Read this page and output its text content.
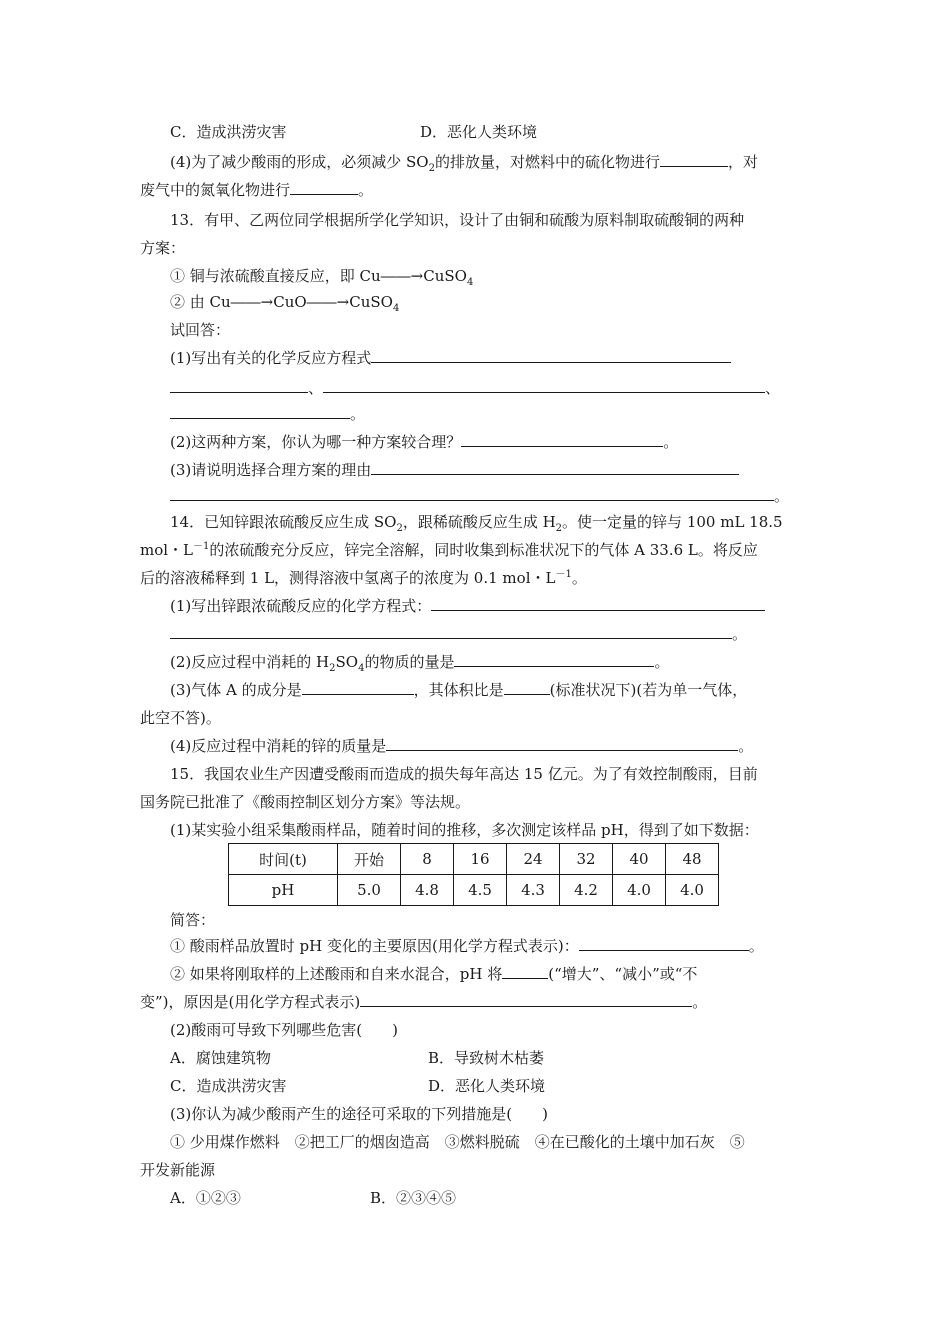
C．造成洪涝灾害	D．恶化人类环境
(4)为了减少酸雨的形成，必须减少 $SO_2$的排放量，对燃料中的硫化物进行	，对
废气中的氮氧化物进行	。
13．有甲、乙两位同学根据所学化学知识，设计了由铜和硫酸为原料制取硫酸铜的两种
方案：
① 铜与浓硫酸直接反应，即 Cu――→CuSO$_4$
② 由 Cu――→CuO――→CuSO$_4$
试回答：
(1)写出有关的化学反应方程式
、	、
。
(2)这两种方案，你认为哪一种方案较合理？	。
(3)请说明选择合理方案的理由
。
14．已知锌跟浓硫酸反应生成 $SO_2$，跟稀硫酸反应生成 $H_2$。使一定量的锌与 100 mL 18.5
mol・$L^{-1}$的浓硫酸充分反应，锌完全溶解，同时收集到标准状况下的气体 A 33.6 L。将反应
后的溶液稀释到 1 L，测得溶液中氢离子的浓度为 0.1 mol・$L^{-1}$。
(1)写出锌跟浓硫酸反应的化学方程式：
。
(2)反应过程中消耗的 $H_2SO_4$的物质的量是	。
(3)气体 A 的成分是	，其体积比是	(标准状况下)(若为单一气体，
此空不答)。
(4)反应过程中消耗的锌的质量是	。
15．我国农业生产因遭受酸雨而造成的损失每年高达 15 亿元。为了有效控制酸雨，目前
国务院已批准了《酸雨控制区划分方案》等法规。
(1)某实验小组采集酸雨样品，随着时间的推移，多次测定该样品 pH，得到了如下数据：
时间(t)	开始	8	16	24	32	40	48
pH	5.0	4.8	4.5	4.3	4.2	4.0	4.0
简答：
① 酸雨样品放置时 pH 变化的主要原因(用化学方程式表示)：	。
② 如果将刚取样的上述酸雨和自来水混合，pH 将	(“增大”、“减小”或“不
变”)，原因是(用化学方程式表示)	。
(2)酸雨可导致下列哪些危害(　　)
A．腐蚀建筑物	B．导致树木枯萎
C．造成洪涝灾害	D．恶化人类环境
(3)你认为减少酸雨产生的途径可采取的下列措施是(　　)
① 少用煤作燃料　②把工厂的烟囱造高　③燃料脱硫　④在已酸化的土壤中加石灰　⑤
开发新能源
A．①②③	B．②③④⑤
